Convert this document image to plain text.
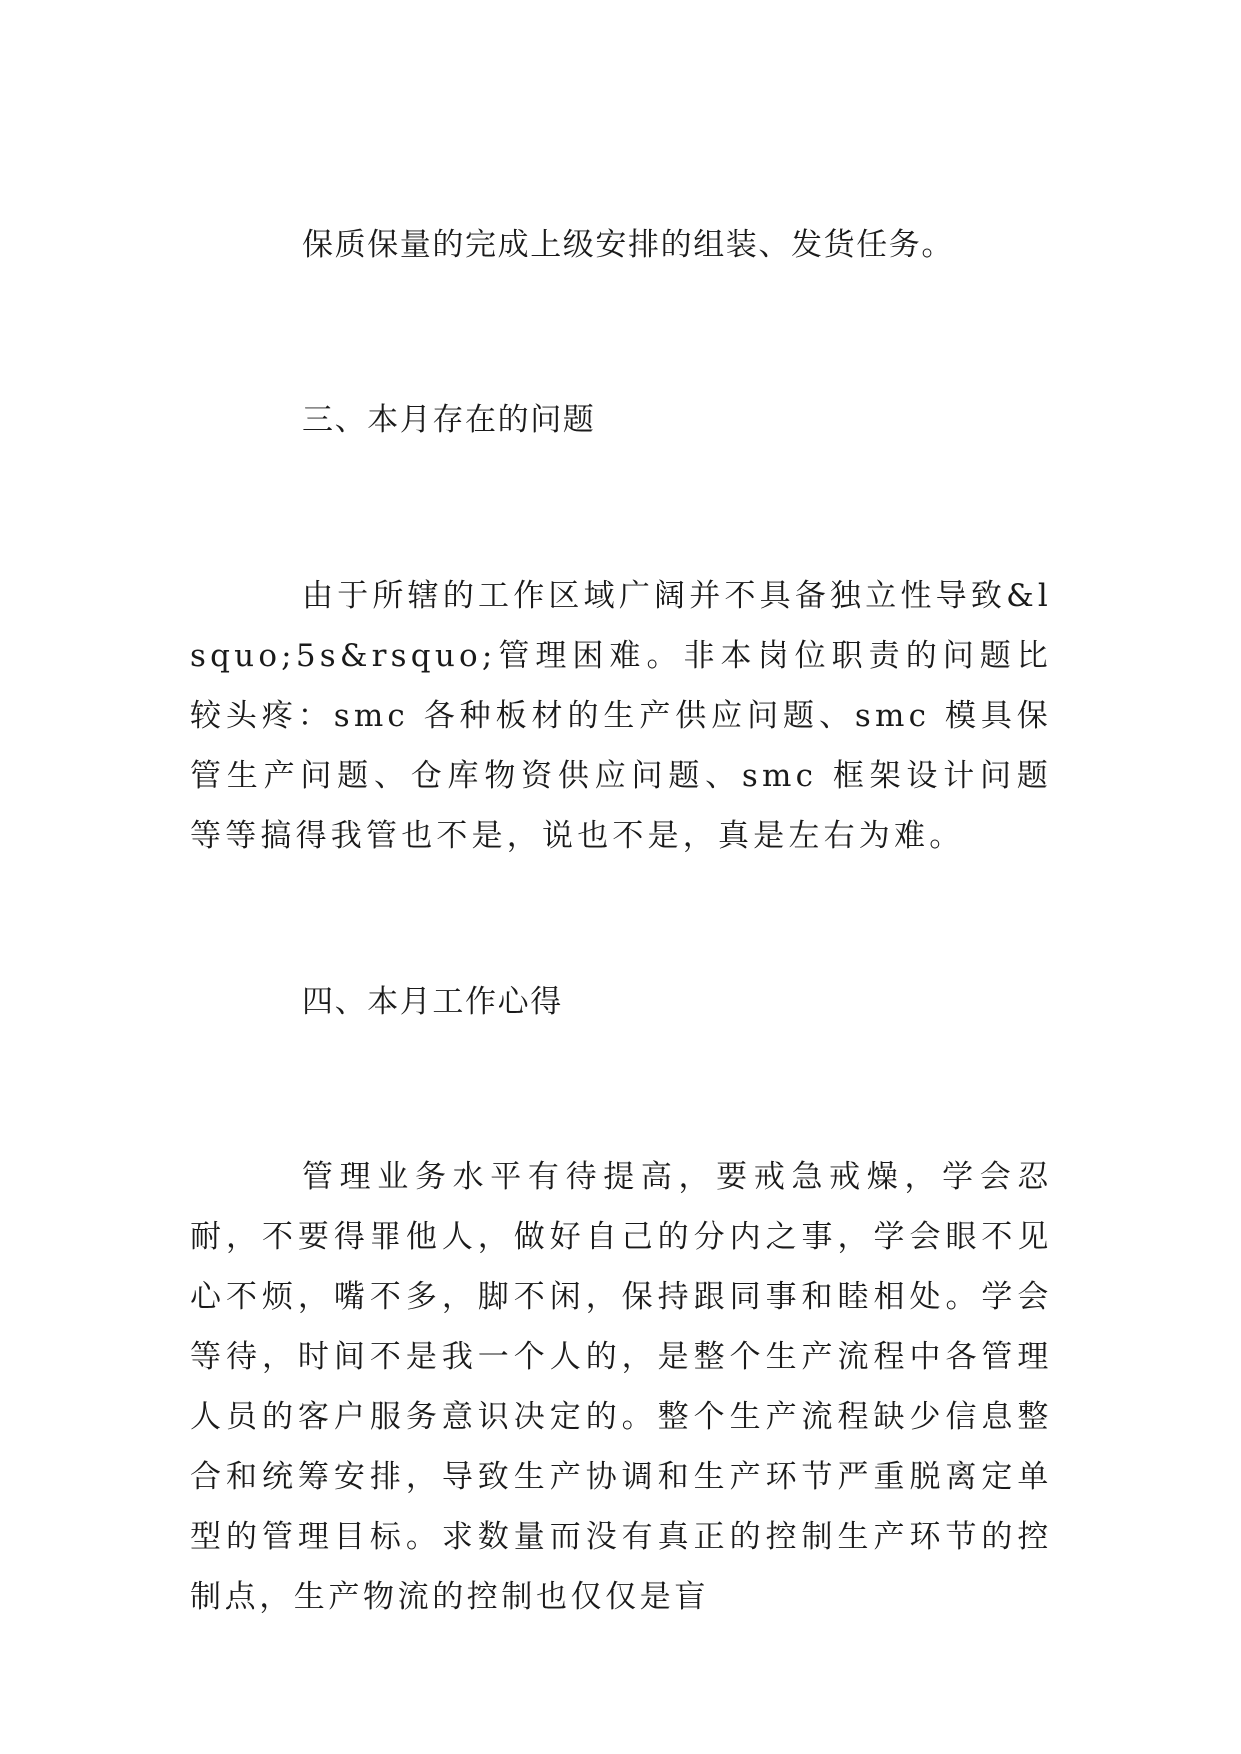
保质保量的完成上级安排的组装、发货任务。

三、本月存在的问题

由于所辖的工作区域广阔并不具备独立性导致&lsquo;5s&rsquo;管理困难。非本岗位职责的问题比较头疼：smc 各种板材的生产供应问题、smc 模具保管生产问题、仓库物资供应问题、smc 框架设计问题等等搞得我管也不是，说也不是，真是左右为难。

四、本月工作心得

管理业务水平有待提高，要戒急戒燥，学会忍耐，不要得罪他人，做好自己的分内之事，学会眼不见心不烦，嘴不多，脚不闲，保持跟同事和睦相处。学会等待，时间不是我一个人的，是整个生产流程中各管理人员的客户服务意识决定的。整个生产流程缺少信息整合和统筹安排，导致生产协调和生产环节严重脱离定单型的管理目标。求数量而没有真正的控制生产环节的控制点，生产物流的控制也仅仅是盲
